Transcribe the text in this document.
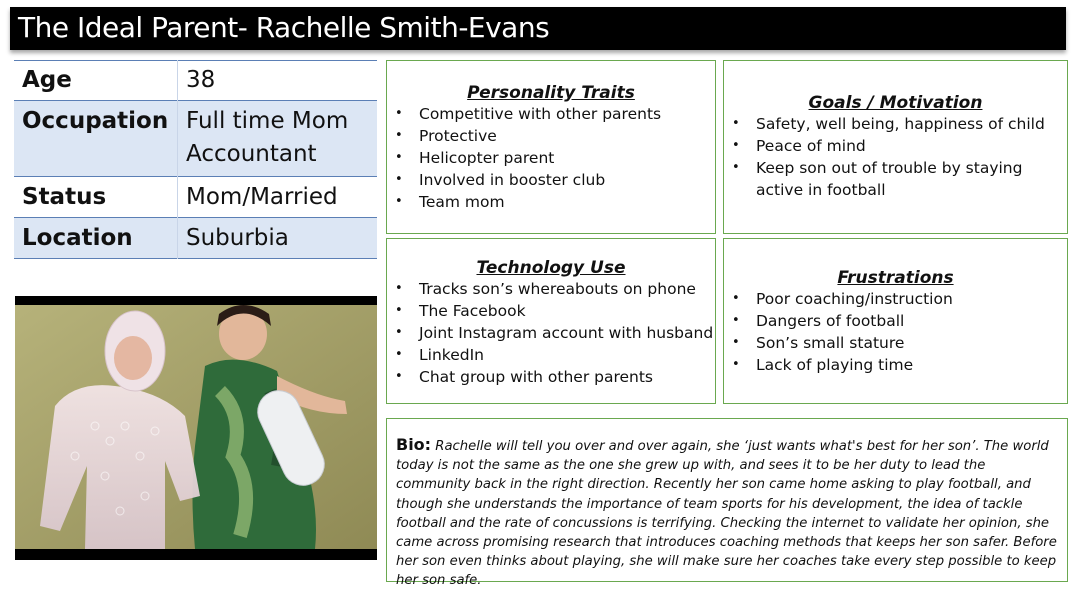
The Ideal Parent- Rachelle Smith-Evans
Age	38
Occupation	Full time Mom
Accountant
Status	Mom/Married
Location	Suburbia
Personality Traits
• Competitive with other parents
• Protective
• Helicopter parent
• Involved in booster club
• Team mom
Goals / Motivation
• Safety, well being, happiness of child
• Peace of mind
• Keep son out of trouble by staying active in football
Technology Use
• Tracks son’s whereabouts on phone
• The Facebook
• Joint Instagram account with husband
• LinkedIn
• Chat group with other parents
Frustrations
• Poor coaching/instruction
• Dangers of football
• Son’s small stature
• Lack of playing time

Bio: Rachelle will tell you over and over again, she ‘just wants what's best for her son’. The world today is not the same as the one she grew up with, and sees it to be her duty to lead the community back in the right direction. Recently her son came home asking to play football, and though she understands the importance of team sports for his development, the idea of tackle football and the rate of concussions is terrifying. Checking the internet to validate her opinion, she came across promising research that introduces coaching methods that keeps her son safer. Before her son even thinks about playing, she will make sure her coaches take every step possible to keep her son safe.
